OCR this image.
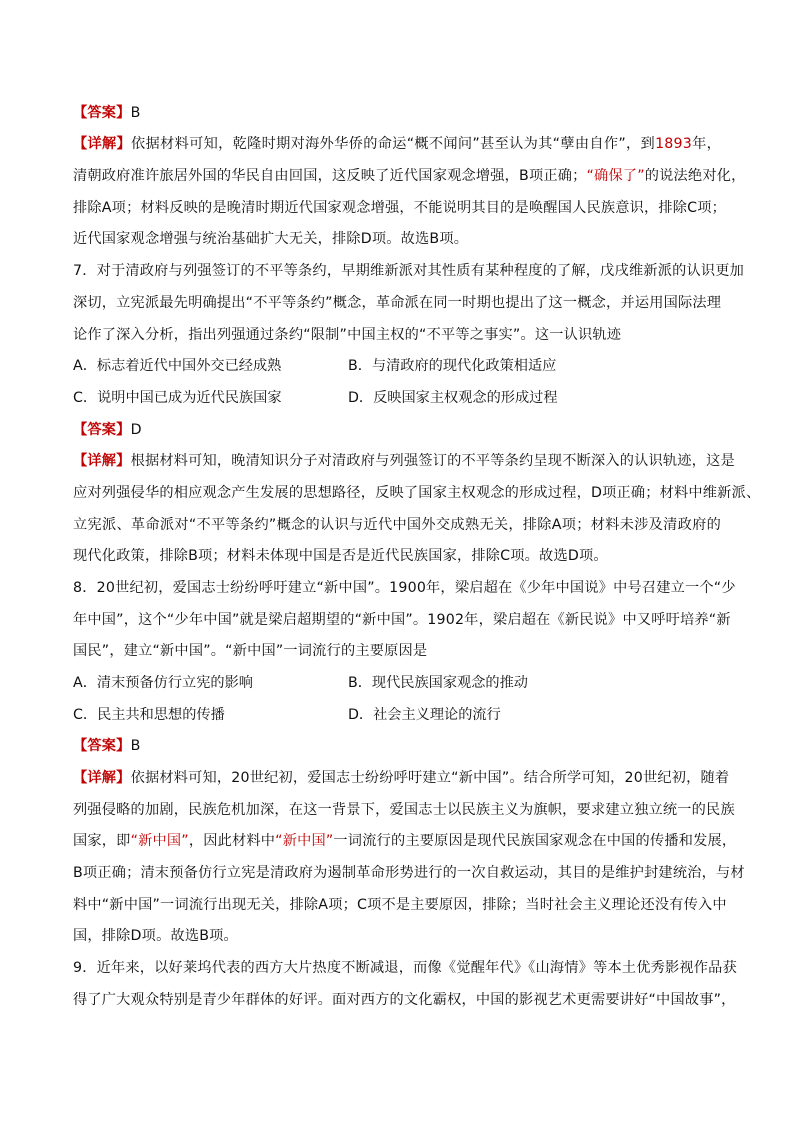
【答案】B
【详解】依据材料可知，乾隆时期对海外华侨的命运“概不闻问”甚至认为其“孽由自作”，到1893年，
清朝政府准许旅居外国的华民自由回国，这反映了近代国家观念增强，B项正确；“确保了”的说法绝对化，
排除A项；材料反映的是晚清时期近代国家观念增强，不能说明其目的是唤醒国人民族意识，排除C项；
近代国家观念增强与统治基础扩大无关，排除D项。故选B项。
7．对于清政府与列强签订的不平等条约，早期维新派对其性质有某种程度的了解，戊戌维新派的认识更加
深切，立宪派最先明确提出“不平等条约”概念，革命派在同一时期也提出了这一概念，并运用国际法理
论作了深入分析，指出列强通过条约“限制”中国主权的“不平等之事实”。这一认识轨迹
A．标志着近代中国外交已经成熟	B．与清政府的现代化政策相适应
C．说明中国已成为近代民族国家	D．反映国家主权观念的形成过程
【答案】D
【详解】根据材料可知，晚清知识分子对清政府与列强签订的不平等条约呈现不断深入的认识轨迹，这是
应对列强侵华的相应观念产生发展的思想路径，反映了国家主权观念的形成过程，D项正确；材料中维新派、
立宪派、革命派对“不平等条约”概念的认识与近代中国外交成熟无关，排除A项；材料未涉及清政府的
现代化政策，排除B项；材料未体现中国是否是近代民族国家，排除C项。故选D项。
8．20世纪初，爱国志士纷纷呼吁建立“新中国”。1900年，梁启超在《少年中国说》中号召建立一个“少
年中国”，这个“少年中国”就是梁启超期望的“新中国”。1902年，梁启超在《新民说》中又呼吁培养“新
国民”，建立“新中国”。“新中国”一词流行的主要原因是
A．清末预备仿行立宪的影响	B．现代民族国家观念的推动
C．民主共和思想的传播	D．社会主义理论的流行
【答案】B
【详解】依据材料可知，20世纪初，爱国志士纷纷呼吁建立“新中国”。结合所学可知，20世纪初，随着
列强侵略的加剧，民族危机加深，在这一背景下，爱国志士以民族主义为旗帜，要求建立独立统一的民族
国家，即“新中国”，因此材料中“新中国”一词流行的主要原因是现代民族国家观念在中国的传播和发展，
B项正确；清末预备仿行立宪是清政府为遏制革命形势进行的一次自救运动，其目的是维护封建统治，与材
料中“新中国”一词流行出现无关，排除A项；C项不是主要原因，排除；当时社会主义理论还没有传入中
国，排除D项。故选B项。
9．近年来，以好莱坞代表的西方大片热度不断减退，而像《觉醒年代》《山海情》等本土优秀影视作品获
得了广大观众特别是青少年群体的好评。面对西方的文化霸权，中国的影视艺术更需要讲好“中国故事”，
